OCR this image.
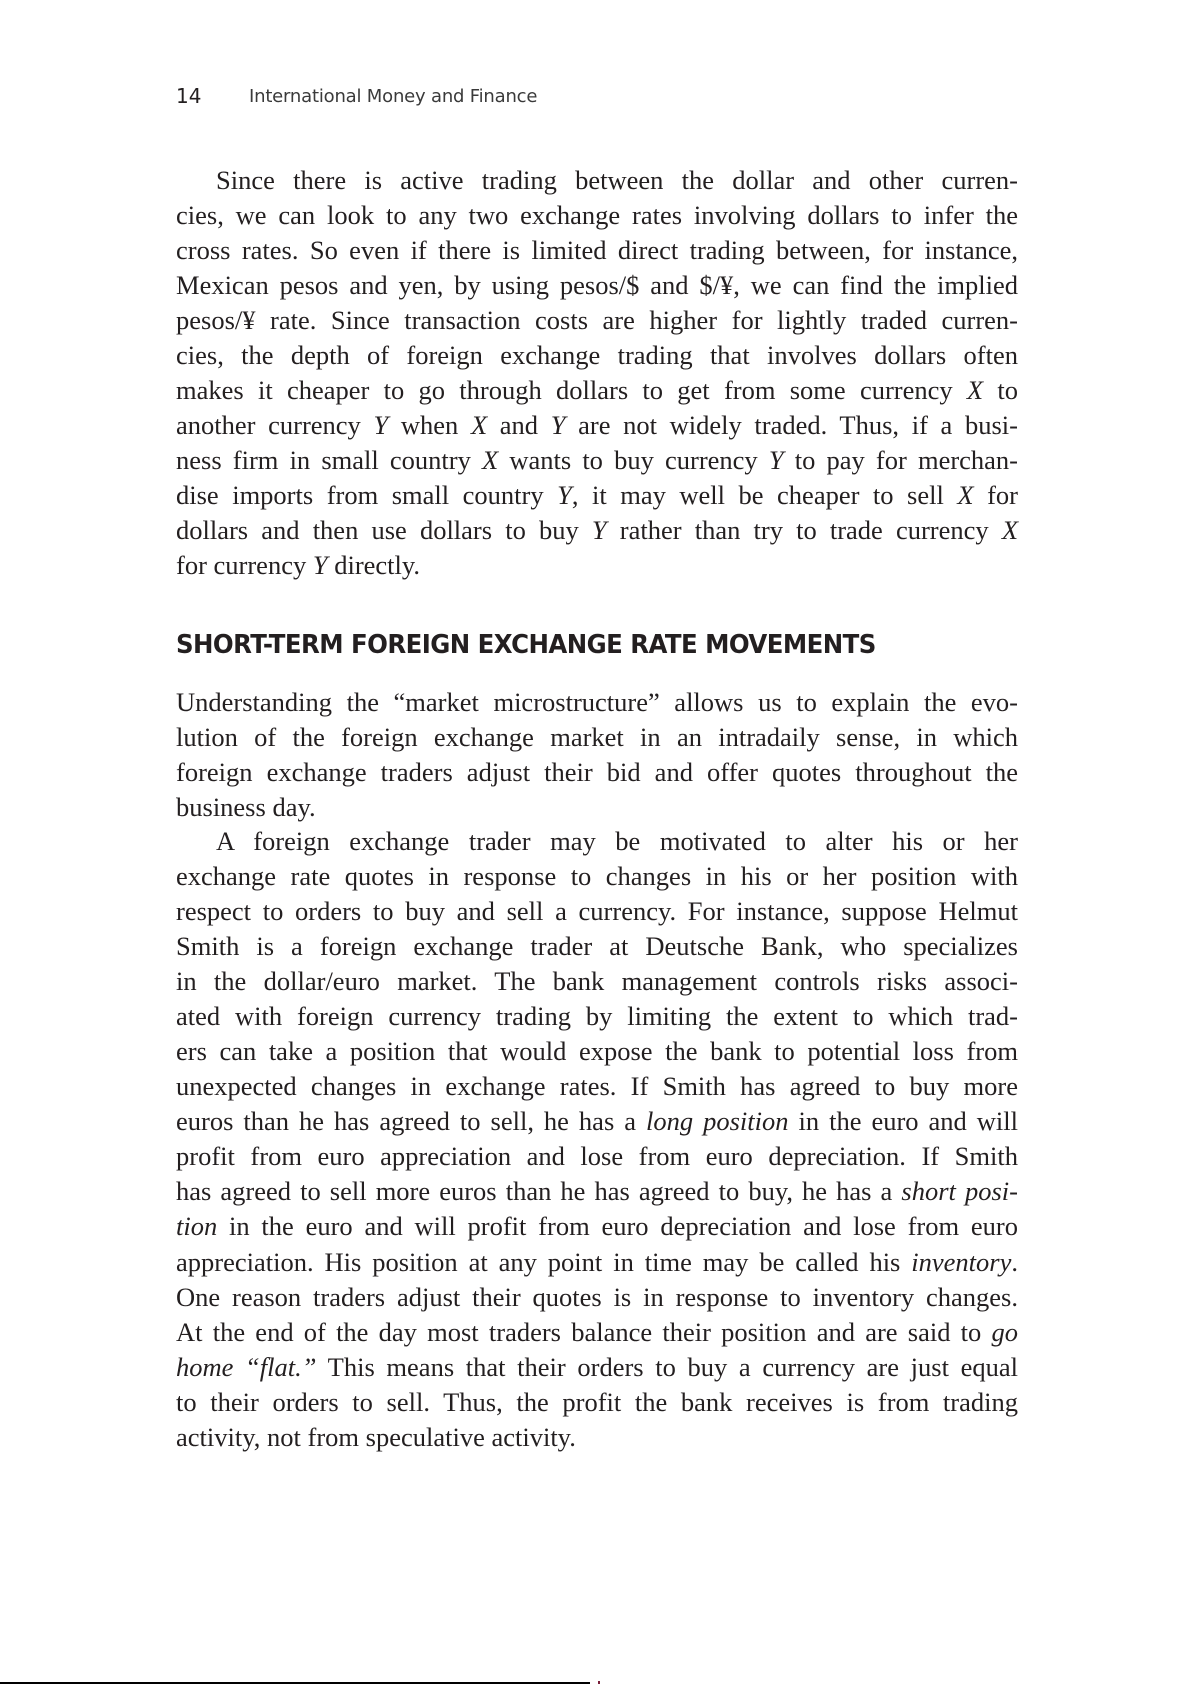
14	International Money and Finance
Since there is active trading between the dollar and other curren-
cies, we can look to any two exchange rates involving dollars to infer the
cross rates. So even if there is limited direct trading between, for instance,
Mexican pesos and yen, by using pesos/$ and $/¥, we can find the implied
pesos/¥ rate. Since transaction costs are higher for lightly traded curren-
cies, the depth of foreign exchange trading that involves dollars often
makes it cheaper to go through dollars to get from some currency X to
another currency Y when X and Y are not widely traded. Thus, if a busi-
ness firm in small country X wants to buy currency Y to pay for merchan-
dise imports from small country Y, it may well be cheaper to sell X for
dollars and then use dollars to buy Y rather than try to trade currency X
for currency Y directly.
SHORT-TERM FOREIGN EXCHANGE RATE MOVEMENTS
Understanding the “market microstructure” allows us to explain the evo-
lution of the foreign exchange market in an intradaily sense, in which
foreign exchange traders adjust their bid and offer quotes throughout the
business day.
A foreign exchange trader may be motivated to alter his or her
exchange rate quotes in response to changes in his or her position with
respect to orders to buy and sell a currency. For instance, suppose Helmut
Smith is a foreign exchange trader at Deutsche Bank, who specializes
in the dollar/euro market. The bank management controls risks associ-
ated with foreign currency trading by limiting the extent to which trad-
ers can take a position that would expose the bank to potential loss from
unexpected changes in exchange rates. If Smith has agreed to buy more
euros than he has agreed to sell, he has a long position in the euro and will
profit from euro appreciation and lose from euro depreciation. If Smith
has agreed to sell more euros than he has agreed to buy, he has a short posi-
tion in the euro and will profit from euro depreciation and lose from euro
appreciation. His position at any point in time may be called his inventory.
One reason traders adjust their quotes is in response to inventory changes.
At the end of the day most traders balance their position and are said to go
home “flat.” This means that their orders to buy a currency are just equal
to their orders to sell. Thus, the profit the bank receives is from trading
activity, not from speculative activity.
